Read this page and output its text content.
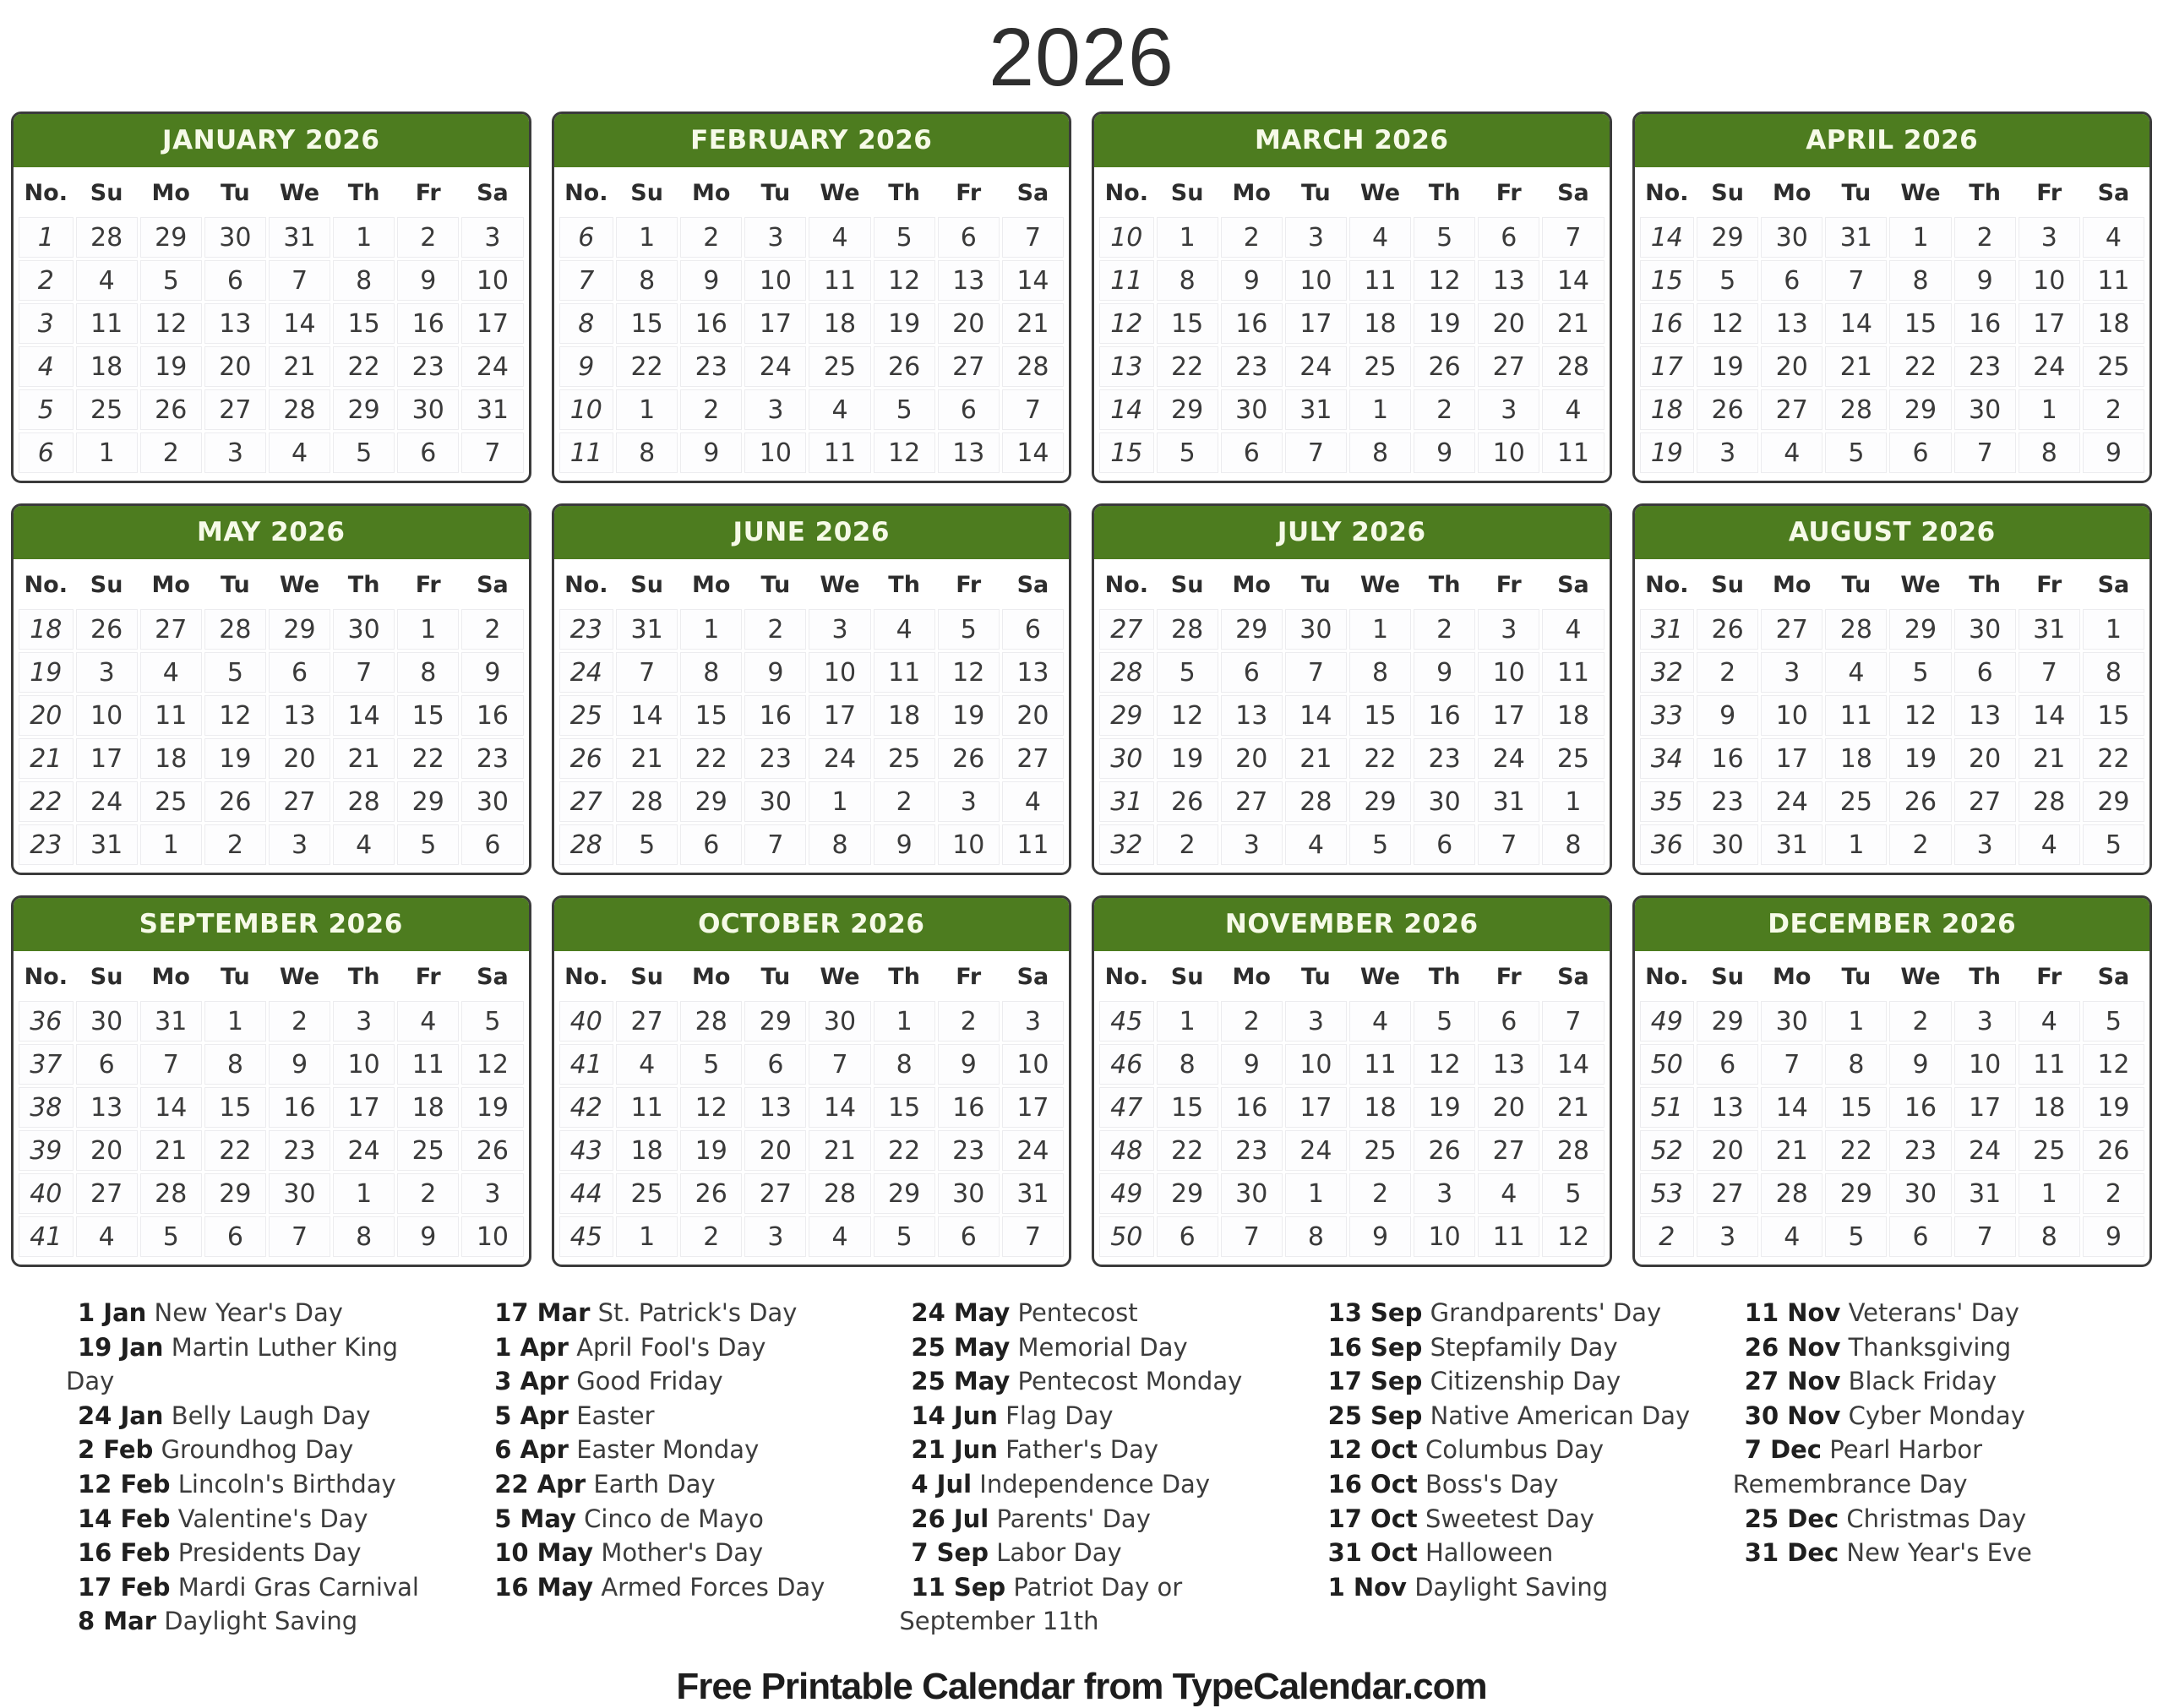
2026
JANUARY 2026
No.	Su	Mo	Tu	We	Th	Fr	Sa
1	28	29	30	31	1	2	3
2	4	5	6	7	8	9	10
3	11	12	13	14	15	16	17
4	18	19	20	21	22	23	24
5	25	26	27	28	29	30	31
6	1	2	3	4	5	6	7
FEBRUARY 2026
No.	Su	Mo	Tu	We	Th	Fr	Sa
6	1	2	3	4	5	6	7
7	8	9	10	11	12	13	14
8	15	16	17	18	19	20	21
9	22	23	24	25	26	27	28
10	1	2	3	4	5	6	7
11	8	9	10	11	12	13	14
MARCH 2026
No.	Su	Mo	Tu	We	Th	Fr	Sa
10	1	2	3	4	5	6	7
11	8	9	10	11	12	13	14
12	15	16	17	18	19	20	21
13	22	23	24	25	26	27	28
14	29	30	31	1	2	3	4
15	5	6	7	8	9	10	11
APRIL 2026
No.	Su	Mo	Tu	We	Th	Fr	Sa
14	29	30	31	1	2	3	4
15	5	6	7	8	9	10	11
16	12	13	14	15	16	17	18
17	19	20	21	22	23	24	25
18	26	27	28	29	30	1	2
19	3	4	5	6	7	8	9
MAY 2026
No.	Su	Mo	Tu	We	Th	Fr	Sa
18	26	27	28	29	30	1	2
19	3	4	5	6	7	8	9
20	10	11	12	13	14	15	16
21	17	18	19	20	21	22	23
22	24	25	26	27	28	29	30
23	31	1	2	3	4	5	6
JUNE 2026
No.	Su	Mo	Tu	We	Th	Fr	Sa
23	31	1	2	3	4	5	6
24	7	8	9	10	11	12	13
25	14	15	16	17	18	19	20
26	21	22	23	24	25	26	27
27	28	29	30	1	2	3	4
28	5	6	7	8	9	10	11
JULY 2026
No.	Su	Mo	Tu	We	Th	Fr	Sa
27	28	29	30	1	2	3	4
28	5	6	7	8	9	10	11
29	12	13	14	15	16	17	18
30	19	20	21	22	23	24	25
31	26	27	28	29	30	31	1
32	2	3	4	5	6	7	8
AUGUST 2026
No.	Su	Mo	Tu	We	Th	Fr	Sa
31	26	27	28	29	30	31	1
32	2	3	4	5	6	7	8
33	9	10	11	12	13	14	15
34	16	17	18	19	20	21	22
35	23	24	25	26	27	28	29
36	30	31	1	2	3	4	5
SEPTEMBER 2026
No.	Su	Mo	Tu	We	Th	Fr	Sa
36	30	31	1	2	3	4	5
37	6	7	8	9	10	11	12
38	13	14	15	16	17	18	19
39	20	21	22	23	24	25	26
40	27	28	29	30	1	2	3
41	4	5	6	7	8	9	10
OCTOBER 2026
No.	Su	Mo	Tu	We	Th	Fr	Sa
40	27	28	29	30	1	2	3
41	4	5	6	7	8	9	10
42	11	12	13	14	15	16	17
43	18	19	20	21	22	23	24
44	25	26	27	28	29	30	31
45	1	2	3	4	5	6	7
NOVEMBER 2026
No.	Su	Mo	Tu	We	Th	Fr	Sa
45	1	2	3	4	5	6	7
46	8	9	10	11	12	13	14
47	15	16	17	18	19	20	21
48	22	23	24	25	26	27	28
49	29	30	1	2	3	4	5
50	6	7	8	9	10	11	12
DECEMBER 2026
No.	Su	Mo	Tu	We	Th	Fr	Sa
49	29	30	1	2	3	4	5
50	6	7	8	9	10	11	12
51	13	14	15	16	17	18	19
52	20	21	22	23	24	25	26
53	27	28	29	30	31	1	2
2	3	4	5	6	7	8	9
1 Jan New Year's Day
19 Jan Martin Luther King Day
24 Jan Belly Laugh Day
2 Feb Groundhog Day
12 Feb Lincoln's Birthday
14 Feb Valentine's Day
16 Feb Presidents Day
17 Feb Mardi Gras Carnival
8 Mar Daylight Saving
17 Mar St. Patrick's Day
1 Apr April Fool's Day
3 Apr Good Friday
5 Apr Easter
6 Apr Easter Monday
22 Apr Earth Day
5 May Cinco de Mayo
10 May Mother's Day
16 May Armed Forces Day
24 May Pentecost
25 May Memorial Day
25 May Pentecost Monday
14 Jun Flag Day
21 Jun Father's Day
4 Jul Independence Day
26 Jul Parents' Day
7 Sep Labor Day
11 Sep Patriot Day or September 11th
13 Sep Grandparents' Day
16 Sep Stepfamily Day
17 Sep Citizenship Day
25 Sep Native American Day
12 Oct Columbus Day
16 Oct Boss's Day
17 Oct Sweetest Day
31 Oct Halloween
1 Nov Daylight Saving
11 Nov Veterans' Day
26 Nov Thanksgiving
27 Nov Black Friday
30 Nov Cyber Monday
7 Dec Pearl Harbor Remembrance Day
25 Dec Christmas Day
31 Dec New Year's Eve
Free Printable Calendar from TypeCalendar.com
